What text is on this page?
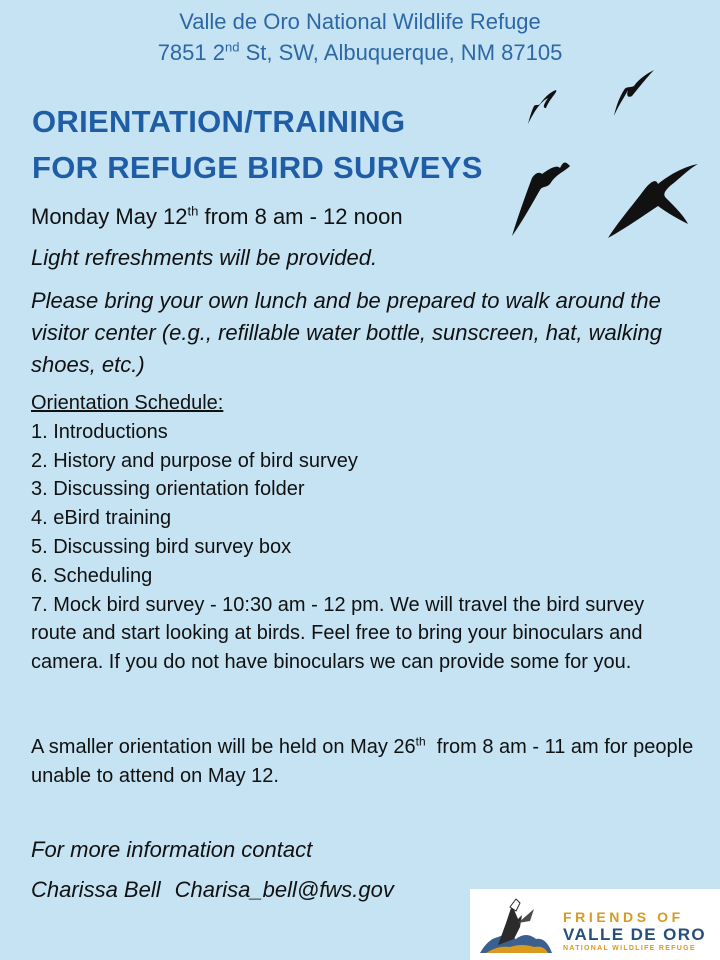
Valle de Oro National Wildlife Refuge
7851 2nd St, SW, Albuquerque, NM 87105
ORIENTATION/TRAINING
FOR REFUGE BIRD SURVEYS
Monday May 12th from 8 am - 12 noon
Light refreshments will be provided.
Please bring your own lunch and be prepared to walk around the visitor center (e.g., refillable water bottle, sunscreen, hat, walking shoes, etc.)
Orientation Schedule:
1. Introductions
2. History and purpose of bird survey
3. Discussing orientation folder
4. eBird training
5. Discussing bird survey box
6. Scheduling
7. Mock bird survey - 10:30 am - 12 pm. We will travel the bird survey route and start looking at birds. Feel free to bring your binoculars and camera. If you do not have binoculars we can provide some for you.
A smaller orientation will be held on May 26th  from 8 am - 11 am for people unable to attend on May 12.
For more information contact
Charissa Bell Charisa_bell@fws.gov
FRIENDS OF
VALLE DE ORO
NATIONAL WILDLIFE REFUGE
